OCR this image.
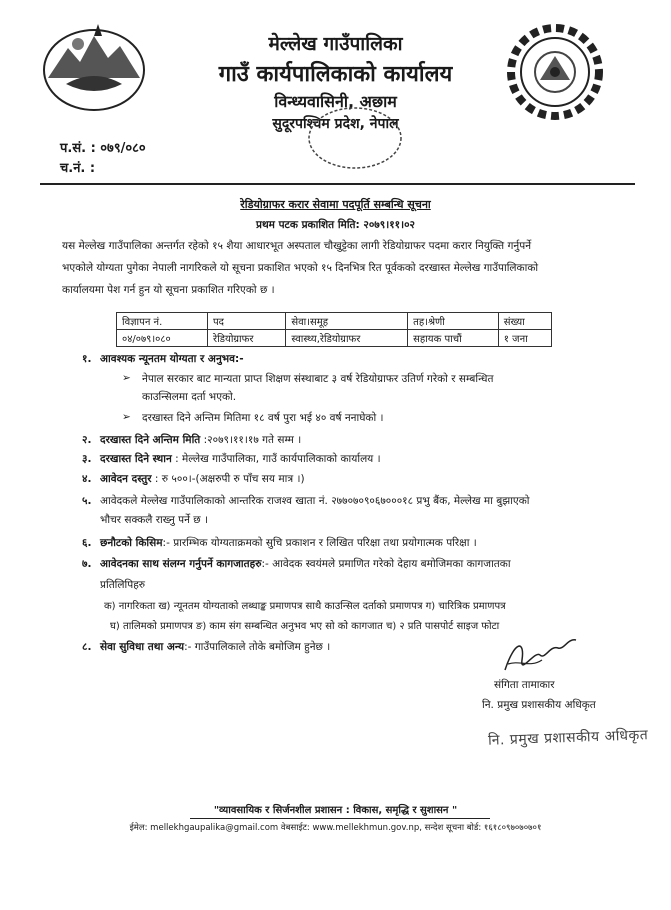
मेल्लेख गाउँपालिका
गाउँ कार्यपालिकाको कार्यालय
विन्ध्यवासिनी, अछाम
सुदूरपश्चिम प्रदेश, नेपाल
प.सं. : ०७९/०८०
च.नं. :
रेडियोग्राफर करार सेवामा पदपूर्ति सम्बन्धि सूचना
प्रथम पटक प्रकाशित मिति: २०७९।११।०२
यस मेल्लेख गाउँपालिका अन्तर्गत रहेको १५ शैया आधारभूत अस्पताल चौखुट्टेका लागी रेडियोग्राफर पदमा करार नियुक्ति गर्नुपर्ने
भएकोले योग्यता पुगेका नेपाली नागरिकले यो सूचना प्रकाशित भएको १५ दिनभित्र रित पूर्वकको दरखास्त मेल्लेख गाउँपालिकाको
कार्यालयमा पेश गर्न हुन यो सूचना प्रकाशित गरिएको छ ।
विज्ञापन नं.	पद	सेवा।समूह	तह।श्रेणी	संख्या
०४/०७९।०८०	रेडियोग्राफर	स्वास्थ्य,रेडियोग्राफर	सहायक पाचौं	१ जना
१. आवश्यक न्यूनतम योग्यता र अनुभव:-
➢ नेपाल सरकार बाट मान्यता प्राप्त शिक्षण संस्थाबाट ३ वर्ष रेडियोग्राफर उतिर्ण गरेको र सम्बन्धित
काउन्सिलमा दर्ता भएको.
➢ दरखास्त दिने अन्तिम मितिमा १८ वर्ष पुरा भई ४० वर्ष ननाघेको ।
२. दरखास्त दिने अन्तिम मिति :२०७९।११।१७ गते सम्म ।
३. दरखास्त दिने स्थान : मेल्लेख गाउँपालिका, गाउँ कार्यपालिकाको कार्यालय ।
४. आवेदन दस्तुर : रु ५००।-(अक्षरुपी रु पाँच सय मात्र ।)
५. आवेदकले मेल्लेख गाउँपालिकाको आन्तरिक राजश्व खाता नं. २७७०७०९०६७०००१८ प्रभु बैंक, मेल्लेख मा बुझाएको
भौचर सक्कलै राख्नु पर्ने छ ।
६. छनौटको किसिम:- प्रारम्भिक योग्यताक्रमको सुचि प्रकाशन र लिखित परिक्षा तथा प्रयोगात्मक परिक्षा ।
७. आवेदनका साथ संलग्न गर्नुपर्ने कागजातहरु:- आवेदक स्वयंमले प्रमाणित गरेको देहाय बमोजिमका कागजातका
प्रतिलिपिहरु
क) नागरिकता ख) न्यूनतम योग्यताको लब्धाङ्क प्रमाणपत्र साथै काउन्सिल दर्ताको प्रमाणपत्र ग) चारित्रिक प्रमाणपत्र
घ) तालिमको प्रमाणपत्र ङ) काम संग सम्बन्धित अनुभव भए सो को कागजात च) २ प्रति पासपोर्ट साइज फोटा
८. सेवा सुविधा तथा अन्य:- गाउँपालिकाले तोके बमोजिम हुनेछ ।
संगिता तामाकार
नि. प्रमुख प्रशासकीय अधिकृत
नि. प्रमुख प्रशासकीय अधिकृत
"व्यावसायिक र सिर्जनशील प्रशासन : विकास, समृद्धि र सुशासन "
ईमेल: mellekhgaupalika@gmail.com वेबसाईट: www.mellekhmun.gov.np, सन्देश सूचना बोर्ड: १६१८०९७०७०७०१
